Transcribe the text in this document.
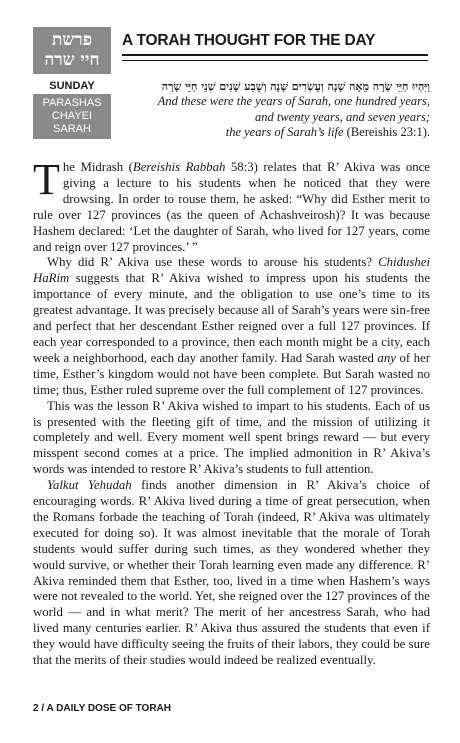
פרשת
חיי שרה
SUNDAY
PARASHAS
CHAYEI
SARAH
A TORAH THOUGHT FOR THE DAY
וַיִּהְיוּ חַיֵּי שָׂרָה מֵאָה שָׁנָה וְעֶשְׂרִים שָׁנָה וְשֶׁבַע שָׁנִים שְׁנֵי חַיֵּי שָׂרָה
And these were the years of Sarah, one hundred years,
and twenty years, and seven years;
the years of Sarah’s life (Bereishis 23:1).

The Midrash (Bereishis Rabbah 58:3) relates that R’ Akiva was once giving a lecture to his students when he noticed that they were drowsing. In order to rouse them, he asked: “Why did Esther merit to rule over 127 provinces (as the queen of Achashveirosh)? It was because Hashem declared: ‘Let the daughter of Sarah, who lived for 127 years, come and reign over 127 provinces.’ ”

Why did R’ Akiva use these words to arouse his students? Chidushei HaRim suggests that R’ Akiva wished to impress upon his students the importance of every minute, and the obligation to use one’s time to its greatest advantage. It was precisely because all of Sarah’s years were sin-free and perfect that her descendant Esther reigned over a full 127 provinces. If each year corresponded to a province, then each month might be a city, each week a neighborhood, each day another family. Had Sarah wasted any of her time, Esther’s kingdom would not have been complete. But Sarah wasted no time; thus, Esther ruled supreme over the full complement of 127 provinces.

This was the lesson R’ Akiva wished to impart to his students. Each of us is presented with the fleeting gift of time, and the mission of utilizing it completely and well. Every moment well spent brings reward — but every misspent second comes at a price. The implied admonition in R’ Akiva’s words was intended to restore R’ Akiva’s students to full attention.

Yalkut Yehudah finds another dimension in R’ Akiva’s choice of encouraging words. R’ Akiva lived during a time of great persecution, when the Romans forbade the teaching of Torah (indeed, R’ Akiva was ultimately executed for doing so). It was almost inevitable that the morale of Torah students would suffer during such times, as they wondered whether they would survive, or whether their Torah learning even made any difference. R’ Akiva reminded them that Esther, too, lived in a time when Hashem’s ways were not revealed to the world. Yet, she reigned over the 127 provinces of the world — and in what merit? The merit of her ancestress Sarah, who had lived many centuries earlier. R’ Akiva thus assured the students that even if they would have difficulty seeing the fruits of their labors, they could be sure that the merits of their studies would indeed be realized eventually.

2 / A DAILY DOSE OF TORAH
